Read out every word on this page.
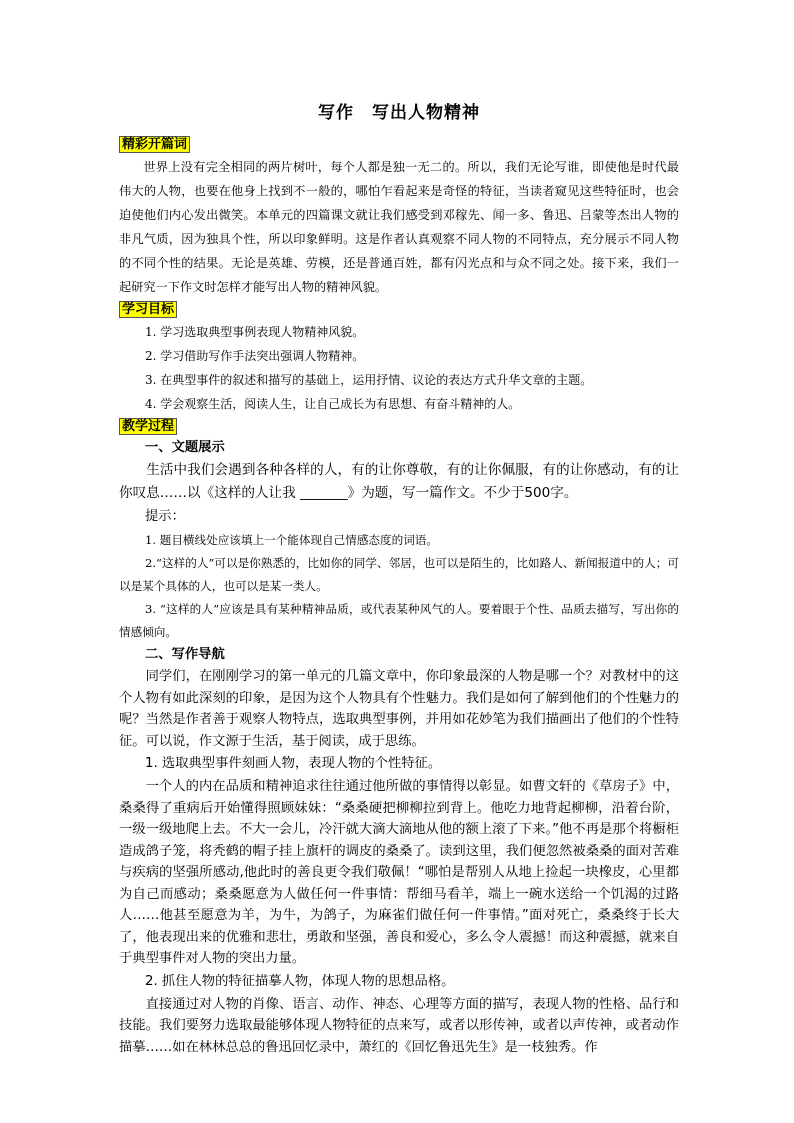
写作　写出人物精神
精彩开篇词

世界上没有完全相同的两片树叶，每个人都是独一无二的。所以，我们无论写谁，即使他是时代最伟大的人物，也要在他身上找到不一般的，哪怕乍看起来是奇怪的特征，当读者窥见这些特征时，也会迫使他们内心发出微笑。本单元的四篇课文就让我们感受到邓稼先、闻一多、鲁迅、吕蒙等杰出人物的非凡气质，因为独具个性，所以印象鲜明。这是作者认真观察不同人物的不同特点，充分展示不同人物的不同个性的结果。无论是英雄、劳模，还是普通百姓，都有闪光点和与众不同之处。接下来，我们一起研究一下作文时怎样才能写出人物的精神风貌。

学习目标

1. 学习选取典型事例表现人物精神风貌。

2. 学习借助写作手法突出强调人物精神。

3. 在典型事件的叙述和描写的基础上，运用抒情、议论的表达方式升华文章的主题。

4. 学会观察生活，阅读人生，让自己成长为有思想、有奋斗精神的人。

教学过程

一、文题展示

生活中我们会遇到各种各样的人，有的让你尊敬，有的让你佩服，有的让你感动，有的让你叹息……以《这样的人让我 _______》为题，写一篇作文。不少于500字。

提示：

1. 题目横线处应该填上一个能体现自己情感态度的词语。

2.“这样的人”可以是你熟悉的，比如你的同学、邻居，也可以是陌生的，比如路人、新闻报道中的人；可以是某个具体的人，也可以是某一类人。

3. “这样的人”应该是具有某种精神品质，或代表某种风气的人。要着眼于个性、品质去描写，写出你的情感倾向。

二、写作导航

同学们，在刚刚学习的第一单元的几篇文章中，你印象最深的人物是哪一个？对教材中的这个人物有如此深刻的印象，是因为这个人物具有个性魅力。我们是如何了解到他们的个性魅力的呢？当然是作者善于观察人物特点，选取典型事例，并用如花妙笔为我们描画出了他们的个性特征。可以说，作文源于生活，基于阅读，成于思练。

1. 选取典型事件刻画人物，表现人物的个性特征。

一个人的内在品质和精神追求往往通过他所做的事情得以彰显。如曹文轩的《草房子》中，桑桑得了重病后开始懂得照顾妹妹：“桑桑硬把柳柳拉到背上。他吃力地背起柳柳，沿着台阶，一级一级地爬上去。不大一会儿，冷汗就大滴大滴地从他的额上滚了下来。”他不再是那个将橱柜造成鸽子笼，将秃鹤的帽子挂上旗杆的调皮的桑桑了。读到这里，我们便忽然被桑桑的面对苦难与疾病的坚强所感动,他此时的善良更令我们敬佩！“哪怕是帮别人从地上捡起一块橡皮，心里都为自己而感动；桑桑愿意为人做任何一件事情：帮细马看羊，端上一碗水送给一个饥渴的过路人……他甚至愿意为羊，为牛，为鸽子，为麻雀们做任何一件事情。”面对死亡，桑桑终于长大了，他表现出来的优雅和悲壮，勇敢和坚强，善良和爱心，多么令人震撼！而这种震撼，就来自于典型事件对人物的突出力量。

2. 抓住人物的特征描摹人物，体现人物的思想品格。

直接通过对人物的肖像、语言、动作、神态、心理等方面的描写，表现人物的性格、品行和技能。我们要努力选取最能够体现人物特征的点来写，或者以形传神，或者以声传神，或者动作描摹……如在林林总总的鲁迅回忆录中，萧红的《回忆鲁迅先生》是一枝独秀。作
